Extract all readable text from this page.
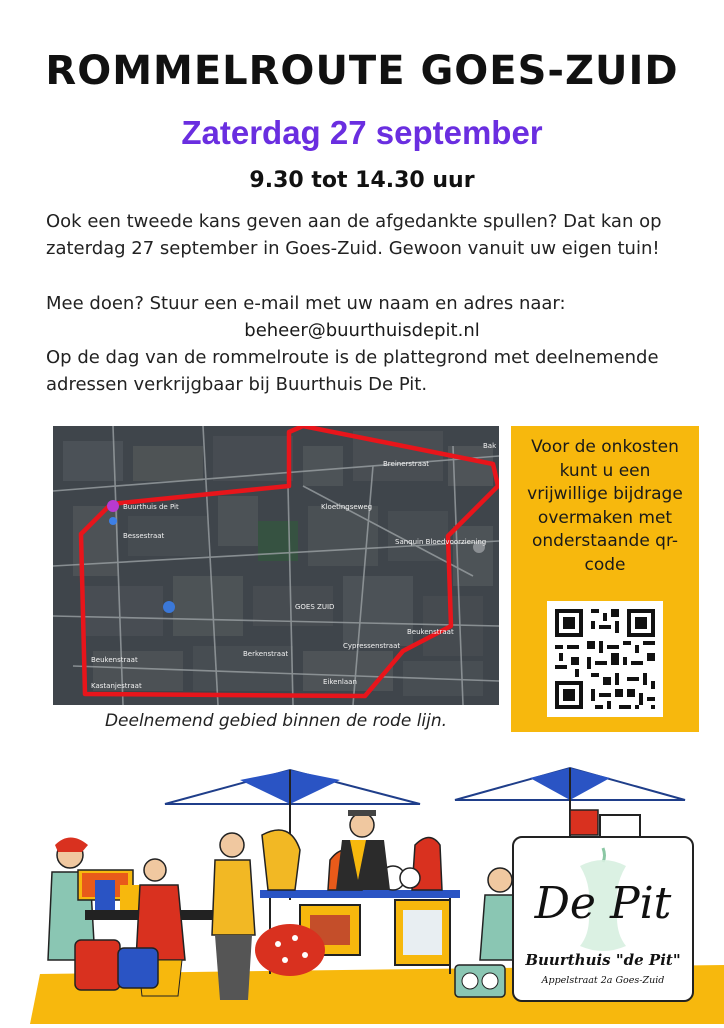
ROMMELROUTE GOES-ZUID
Zaterdag 27 september
9.30 tot 14.30 uur
Ook een tweede kans geven aan de afgedankte spullen? Dat kan op zaterdag 27 september in Goes-Zuid. Gewoon vanuit uw eigen tuin!
Mee doen? Stuur een e-mail met uw naam en adres naar:
beheer@buurthuisdepit.nl
Op de dag van de rommelroute is de plattegrond met deelnemende adressen verkrijgbaar bij Buurthuis De Pit.
Buurthuis de Pit
Bessestraat
GOES ZUID
Beukenstraat
Beukenstraat
Kastanjestraat
Kloetingseweg
Breinerstraat
Sanquin Bloedvoorziening
Cypressenstraat
Eikenlaan
Berkenstraat
Bak
Deelnemend gebied binnen de rode lijn.
Voor de onkosten kunt u een vrijwillige bijdrage overmaken met onderstaande qr-code
De Pit
Buurthuis "de Pit"
Appelstraat 2a Goes-Zuid
